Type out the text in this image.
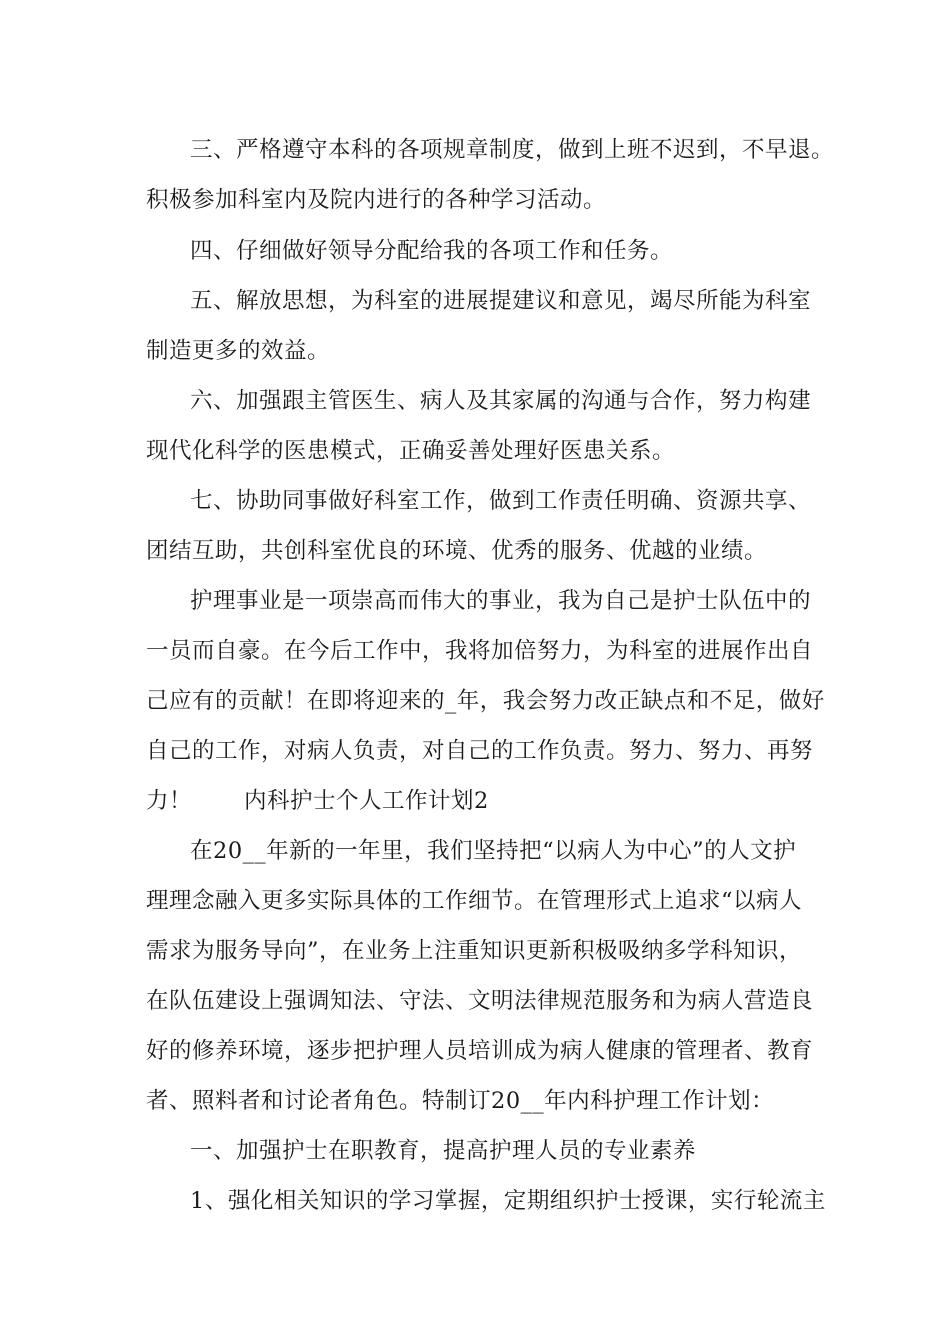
三、严格遵守本科的各项规章制度，做到上班不迟到，不早退。
积极参加科室内及院内进行的各种学习活动。
四、仔细做好领导分配给我的各项工作和任务。
五、解放思想，为科室的进展提建议和意见，竭尽所能为科室
制造更多的效益。
六、加强跟主管医生、病人及其家属的沟通与合作，努力构建
现代化科学的医患模式，正确妥善处理好医患关系。
七、协助同事做好科室工作，做到工作责任明确、资源共享、
团结互助，共创科室优良的环境、优秀的服务、优越的业绩。
护理事业是一项崇高而伟大的事业，我为自己是护士队伍中的
一员而自豪。在今后工作中，我将加倍努力，为科室的进展作出自
己应有的贡献！在即将迎来的_年，我会努力改正缺点和不足，做好
自己的工作，对病人负责，对自己的工作负责。努力、努力、再努
力！ 内科护士个人工作计划2
在20__年新的一年里，我们坚持把“以病人为中心”的人文护
理理念融入更多实际具体的工作细节。在管理形式上追求“以病人
需求为服务导向”，在业务上注重知识更新积极吸纳多学科知识，
在队伍建设上强调知法、守法、文明法律规范服务和为病人营造良
好的修养环境，逐步把护理人员培训成为病人健康的管理者、教育
者、照料者和讨论者角色。特制订20__年内科护理工作计划：
一、加强护士在职教育，提高护理人员的专业素养
1、强化相关知识的学习掌握，定期组织护士授课，实行轮流主
